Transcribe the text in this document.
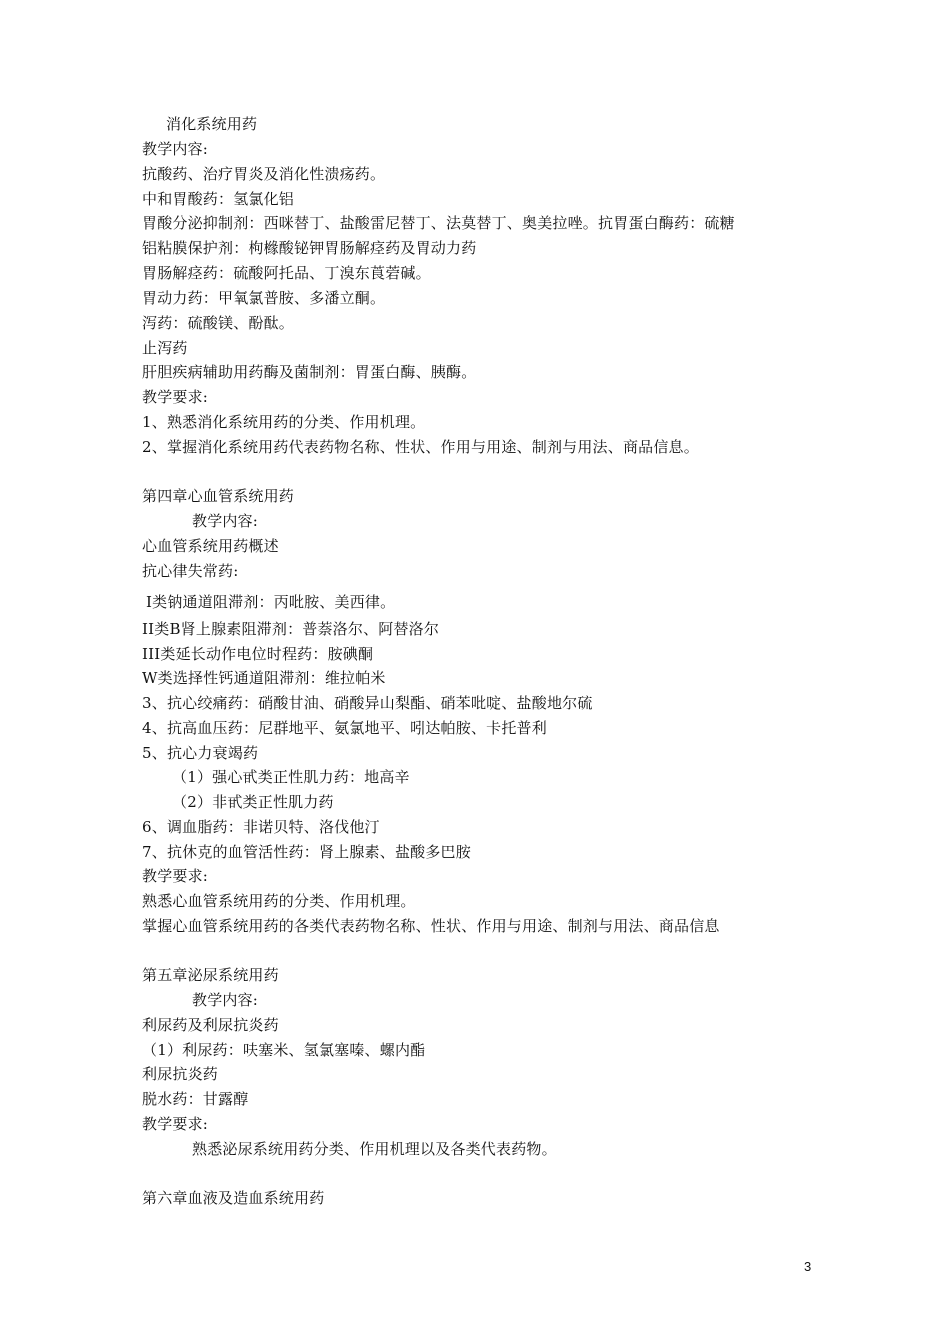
消化系统用药
教学内容:
抗酸药、治疗胃炎及消化性溃疡药。
中和胃酸药：氢氯化铝
胃酸分泌抑制剂：西咪替丁、盐酸雷尼替丁、法莫替丁、奥美拉唑。抗胃蛋白酶药：硫糖
铝粘膜保护剂：枸橼酸铋钾胃肠解痉药及胃动力药
胃肠解痉药：硫酸阿托品、丁溴东莨菪碱。
胃动力药：甲氧氯普胺、多潘立酮。
泻药：硫酸镁、酚酞。
止泻药
肝胆疾病辅助用药酶及菌制剂：胃蛋白酶、胰酶。
教学要求:
1、熟悉消化系统用药的分类、作用机理。
2、掌握消化系统用药代表药物名称、性状、作用与用途、制剂与用法、商品信息。
第四章心血管系统用药
教学内容:
心血管系统用药概述
抗心律失常药:
I类钠通道阻滞剂：丙吡胺、美西律。
II类B肾上腺素阻滞剂：普萘洛尔、阿替洛尔
III类延长动作电位时程药：胺碘酮
W类选择性钙通道阻滞剂：维拉帕米
3、抗心绞痛药：硝酸甘油、硝酸异山梨酯、硝苯吡啶、盐酸地尔硫
4、抗高血压药：尼群地平、氨氯地平、吲达帕胺、卡托普利
5、抗心力衰竭药
（1）强心甙类正性肌力药：地高辛
（2）非甙类正性肌力药
6、调血脂药：非诺贝特、洛伐他汀
7、抗休克的血管活性药：肾上腺素、盐酸多巴胺
教学要求:
熟悉心血管系统用药的分类、作用机理。
掌握心血管系统用药的各类代表药物名称、性状、作用与用途、制剂与用法、商品信息
第五章泌尿系统用药
教学内容:
利尿药及利尿抗炎药
（1）利尿药：呋塞米、氢氯塞嗪、螺内酯
利尿抗炎药
脱水药：甘露醇
教学要求:
熟悉泌尿系统用药分类、作用机理以及各类代表药物。
第六章血液及造血系统用药
3
